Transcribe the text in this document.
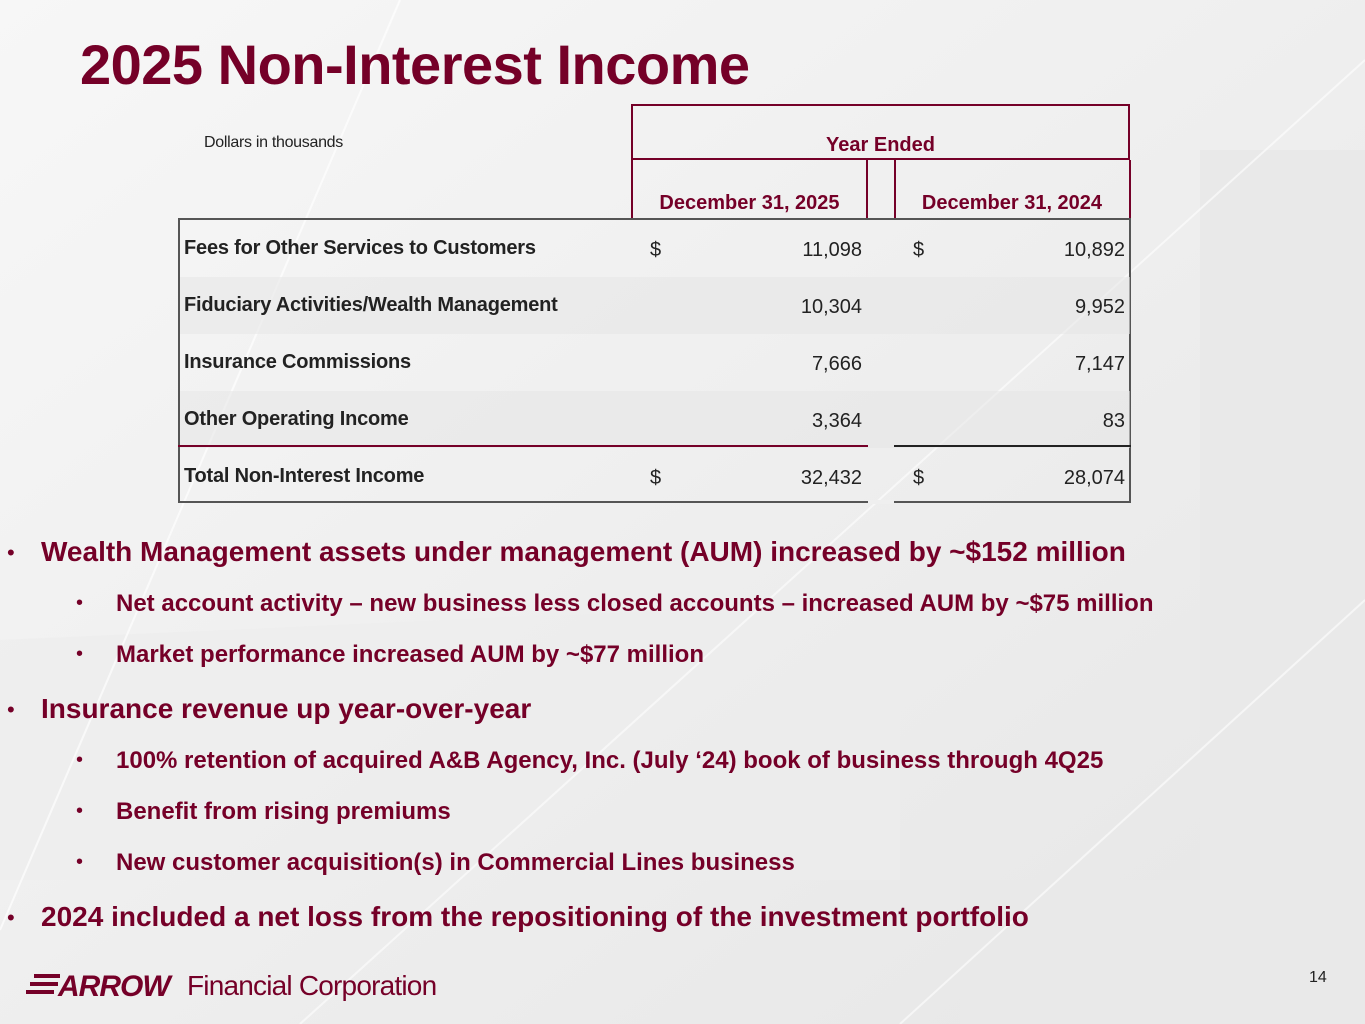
2025 Non-Interest Income
Dollars in thousands	Year Ended
December 31, 2025	December 31, 2024
Fees for Other Services to Customers	$	11,098	$	10,892
Fiduciary Activities/Wealth Management	10,304	9,952
Insurance Commissions	7,666	7,147
Other Operating Income	3,364	83
Total Non-Interest Income	$	32,432	$	28,074
• Wealth Management assets under management (AUM) increased by ~$152 million
• Net account activity – new business less closed accounts – increased AUM by ~$75 million
• Market performance increased AUM by ~$77 million
• Insurance revenue up year-over-year
• 100% retention of acquired A&B Agency, Inc. (July ‘24) book of business through 4Q25
• Benefit from rising premiums
• New customer acquisition(s) in Commercial Lines business
• 2024 included a net loss from the repositioning of the investment portfolio
ARROW Financial Corporation	14
